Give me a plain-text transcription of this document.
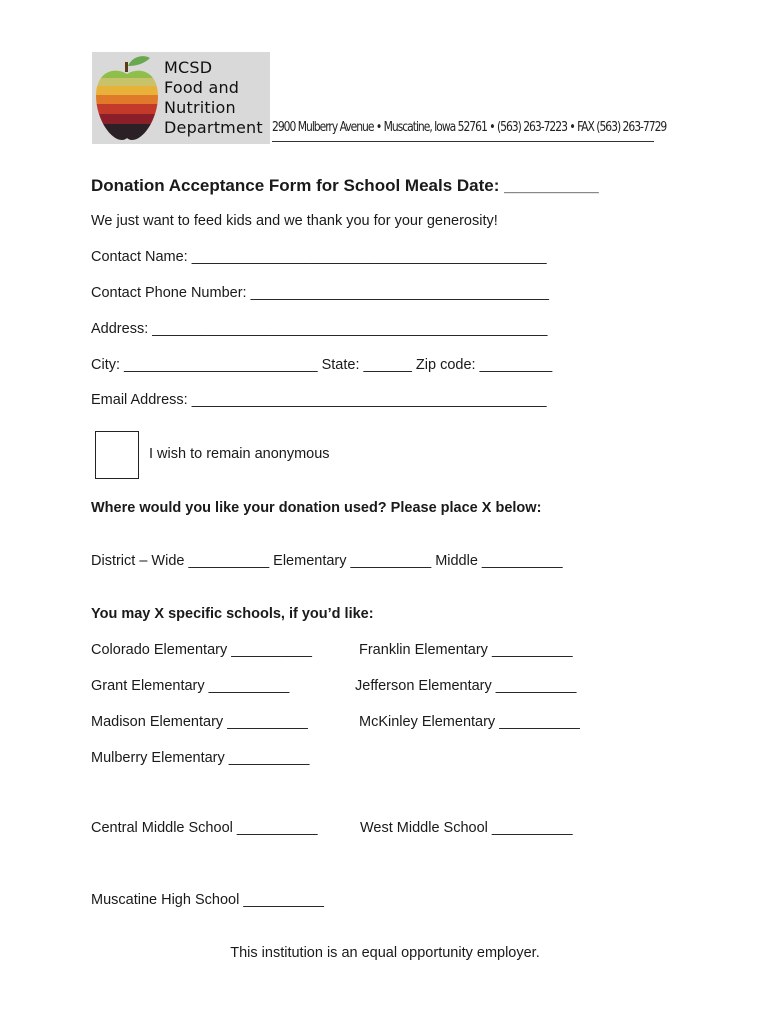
MCSD
Food and
Nutrition
Department 2900 Mulberry Avenue • Muscatine, Iowa 52761 • (563) 263-7223 • FAX (563) 263-7729
Donation Acceptance Form for School Meals Date: __________
We just want to feed kids and we thank you for your generosity!
Contact Name: ____________________________________________
Contact Phone Number: _____________________________________
Address: _________________________________________________
City: ________________________ State: ______ Zip code: _________
Email Address: ____________________________________________
I wish to remain anonymous
Where would you like your donation used? Please place X below:
District – Wide __________ Elementary __________ Middle __________
You may X specific schools, if you’d like:
Colorado Elementary __________	Franklin Elementary __________
Grant Elementary __________	Jefferson Elementary __________
Madison Elementary __________	McKinley Elementary __________
Mulberry Elementary __________
Central Middle School __________	West Middle School __________
Muscatine High School __________
This institution is an equal opportunity employer.
